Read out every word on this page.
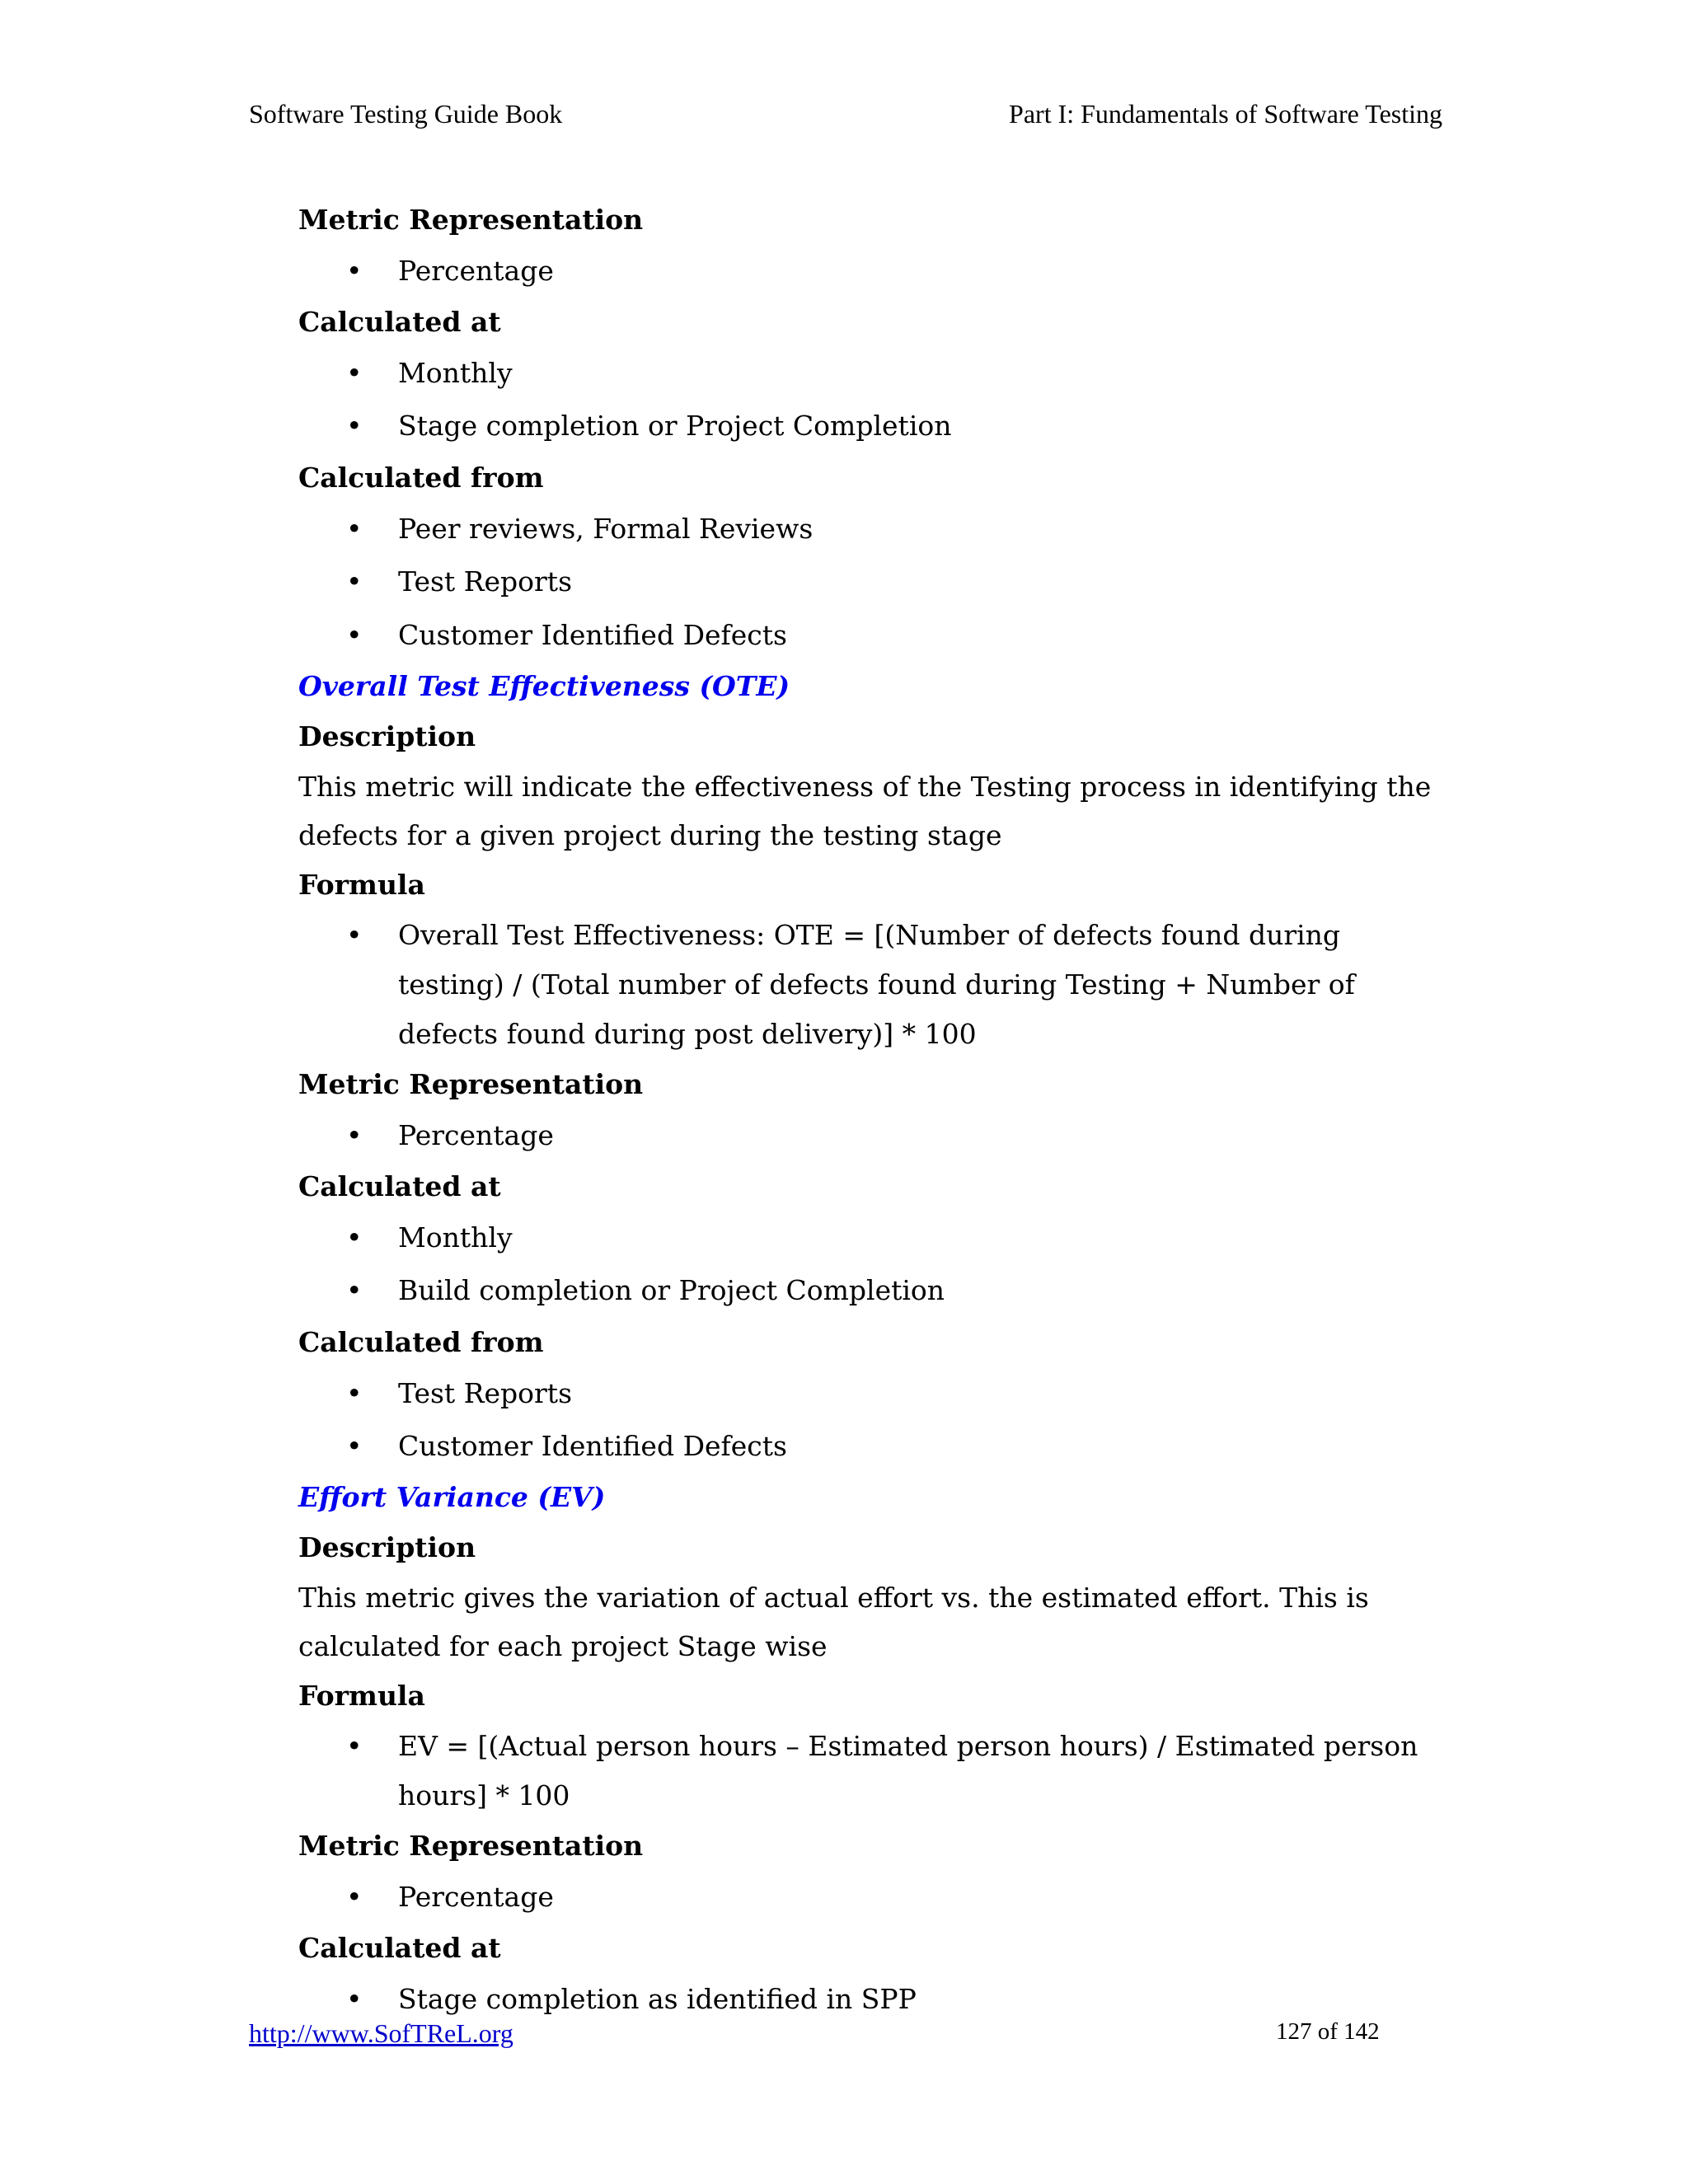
Software Testing Guide Book	Part I: Fundamentals of Software Testing
Metric Representation
• Percentage
Calculated at
• Monthly
• Stage completion or Project Completion
Calculated from
• Peer reviews, Formal Reviews
• Test Reports
• Customer Identified Defects
Overall Test Effectiveness (OTE)
Description
This metric will indicate the effectiveness of the Testing process in identifying the defects for a given project during the testing stage
Formula
• Overall Test Effectiveness: OTE = [(Number of defects found during testing) / (Total number of defects found during Testing + Number of defects found during post delivery)] * 100
Metric Representation
• Percentage
Calculated at
• Monthly
• Build completion or Project Completion
Calculated from
• Test Reports
• Customer Identified Defects
Effort Variance (EV)
Description
This metric gives the variation of actual effort vs. the estimated effort. This is calculated for each project Stage wise
Formula
• EV = [(Actual person hours – Estimated person hours) / Estimated person hours] * 100
Metric Representation
• Percentage
Calculated at
• Stage completion as identified in SPP
http://www.SofTReL.org	127 of 142
